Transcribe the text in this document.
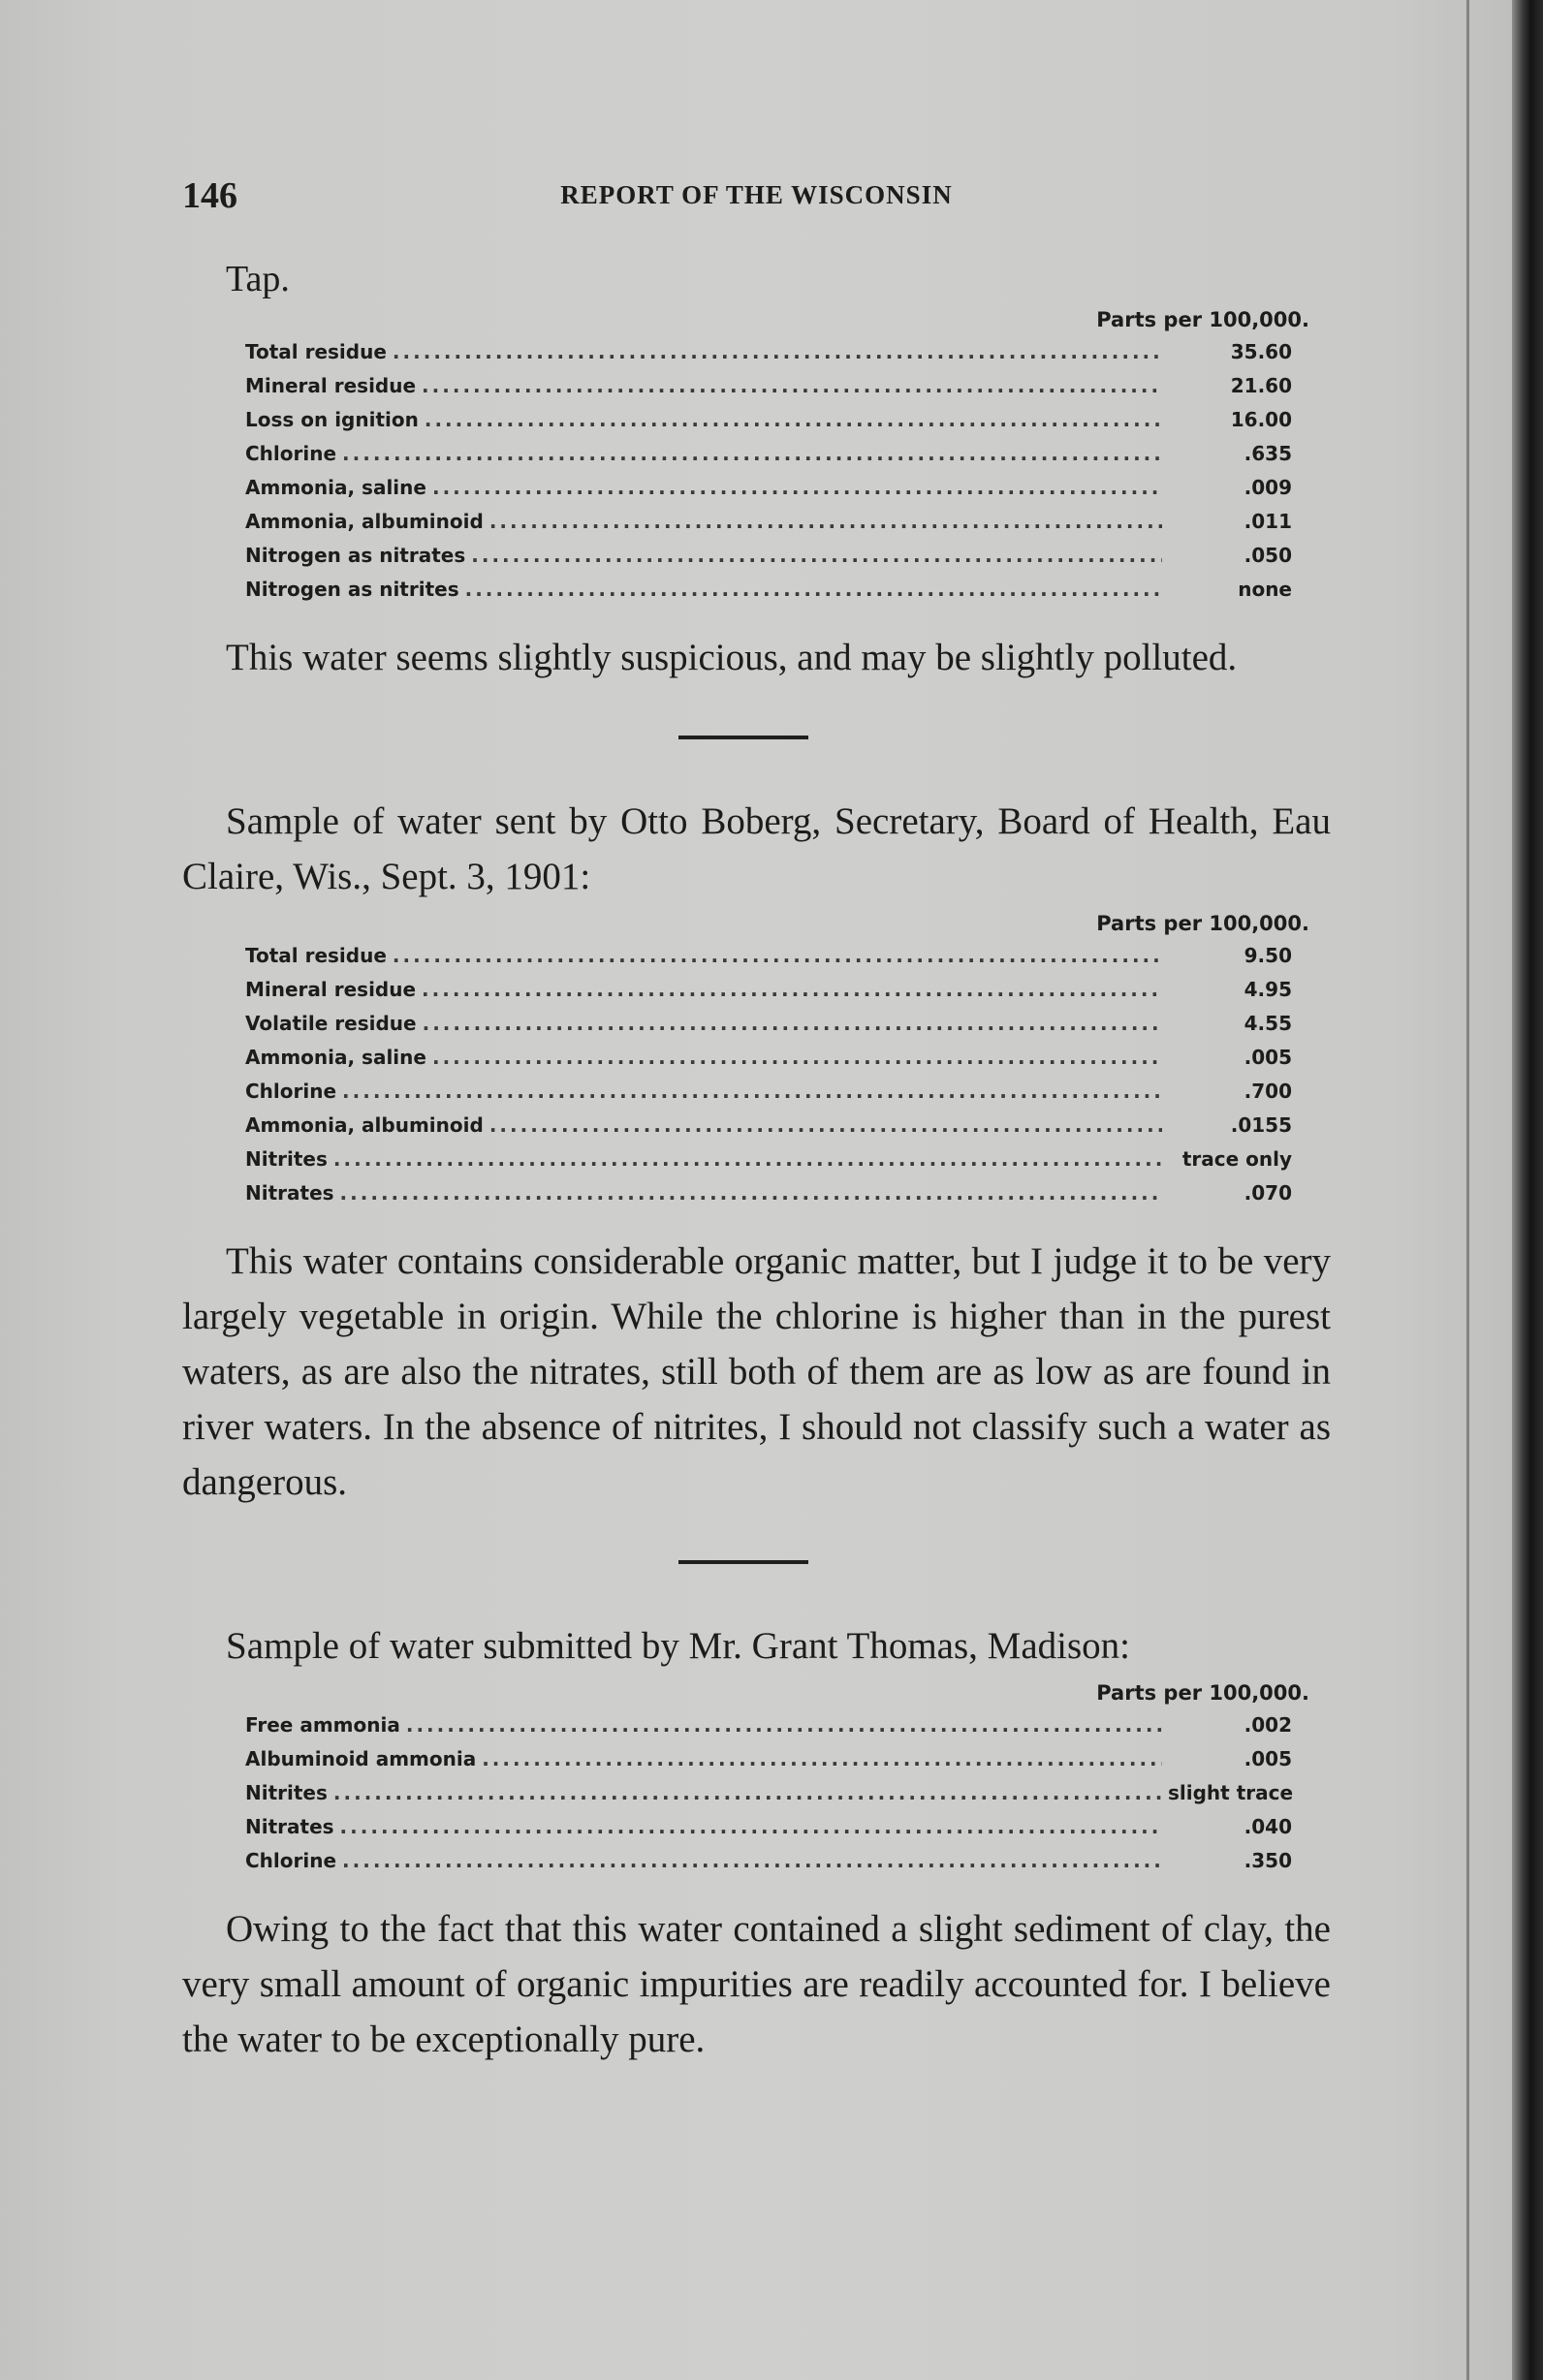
146	REPORT OF THE WISCONSIN
Tap.
Parts per 100,000.
Total residue .....	35.60
Mineral residue .....	21.60
Loss on ignition .....	16.00
Chlorine .....	.635
Ammonia, saline .....	.009
Ammonia, albuminoid .....	.011
Nitrogen as nitrates .....	.050
Nitrogen as nitrites .....	none

This water seems slightly suspicious, and may be slightly polluted.

Sample of water sent by Otto Boberg, Secretary, Board of Health, Eau Claire, Wis., Sept. 3, 1901:

Parts per 100,000.
Total residue .....	9.50
Mineral residue .....	4.95
Volatile residue .....	4.55
Ammonia, saline .....	.005
Chlorine .....	.700
Ammonia, albuminoid .....	.0155
Nitrites .....	trace only
Nitrates .....	.070

This water contains considerable organic matter, but I judge it to be very largely vegetable in origin. While the chlorine is higher than in the purest waters, as are also the nitrates, still both of them are as low as are found in river waters. In the absence of nitrites, I should not classify such a water as dangerous.

Sample of water submitted by Mr. Grant Thomas, Madison:

Parts per 100,000.
Free ammonia .....	.002
Albuminoid ammonia .....	.005
Nitrites .....	slight trace
Nitrates .....	.040
Chlorine .....	.350

Owing to the fact that this water contained a slight sediment of clay, the very small amount of organic impurities are readily accounted for. I believe the water to be exceptionally pure.
